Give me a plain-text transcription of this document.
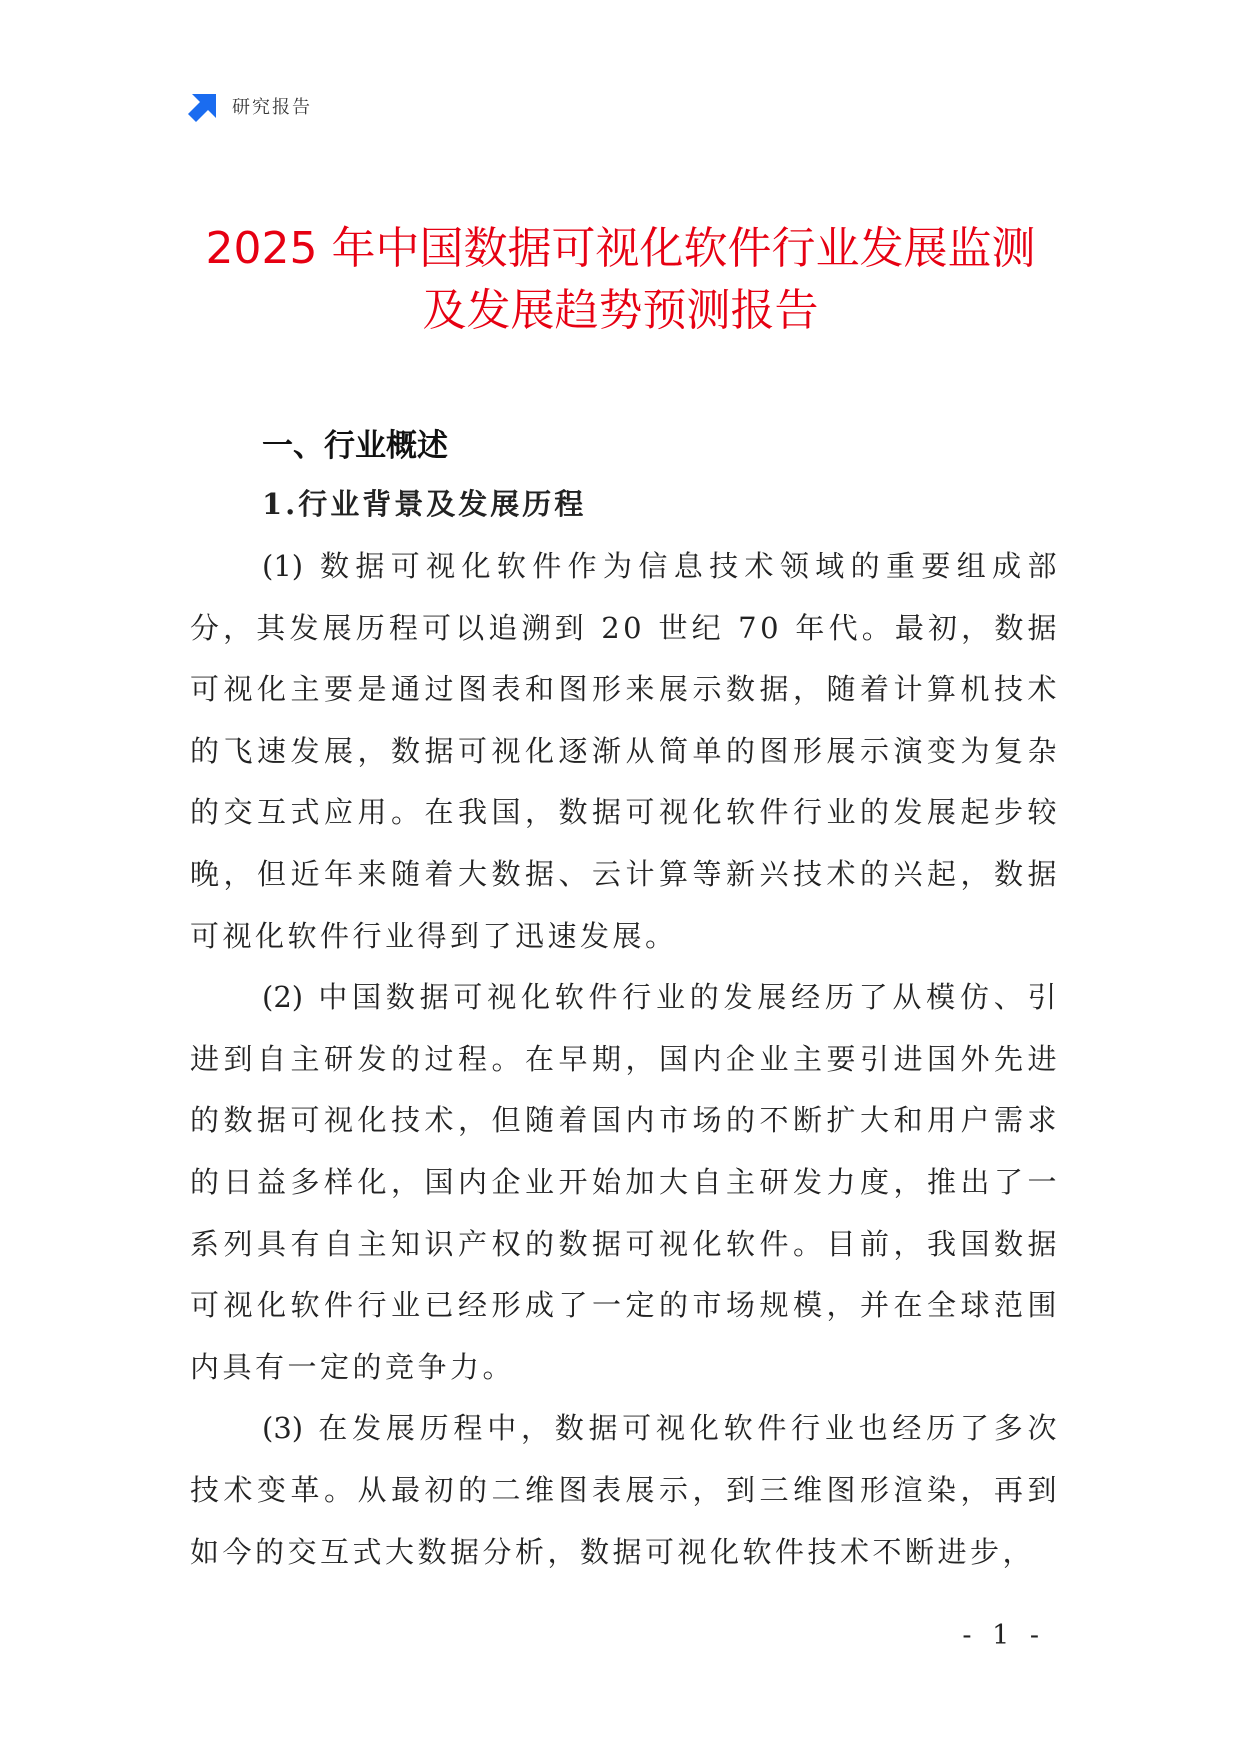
研究报告
2025 年中国数据可视化软件行业发展监测
及发展趋势预测报告
一、行业概述
1.行业背景及发展历程

(1) 数据可视化软件作为信息技术领域的重要组成部分，其发展历程可以追溯到 20 世纪 70 年代。最初，数据可视化主要是通过图表和图形来展示数据，随着计算机技术的飞速发展，数据可视化逐渐从简单的图形展示演变为复杂的交互式应用。在我国，数据可视化软件行业的发展起步较晚，但近年来随着大数据、云计算等新兴技术的兴起，数据可视化软件行业得到了迅速发展。

(2) 中国数据可视化软件行业的发展经历了从模仿、引进到自主研发的过程。在早期，国内企业主要引进国外先进的数据可视化技术，但随着国内市场的不断扩大和用户需求的日益多样化，国内企业开始加大自主研发力度，推出了一系列具有自主知识产权的数据可视化软件。目前，我国数据可视化软件行业已经形成了一定的市场规模，并在全球范围内具有一定的竞争力。

(3) 在发展历程中，数据可视化软件行业也经历了多次技术变革。从最初的二维图表展示，到三维图形渲染，再到如今的交互式大数据分析，数据可视化软件技术不断进步，

- 1 -
